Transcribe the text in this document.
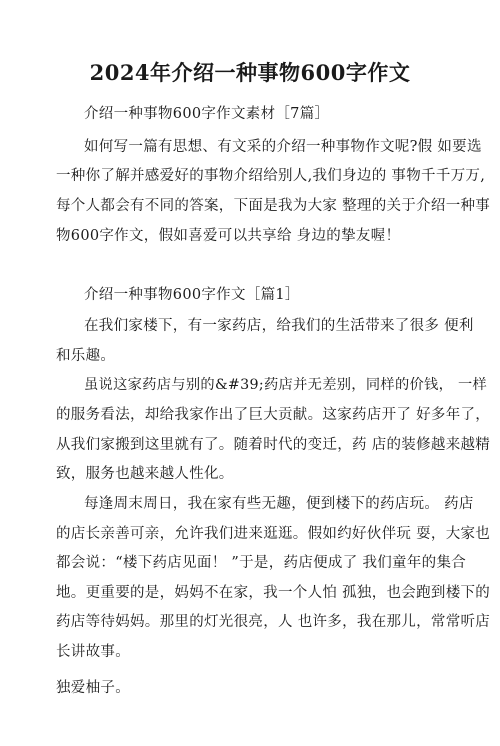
2024年介绍一种事物600字作文
介绍一种事物600字作文素材［7篇］
如何写一篇有思想、有文采的介绍一种事物作文呢?假 如要选
一种你了解并感爱好的事物介绍给别人,我们身边的 事物千千万万,
每个人都会有不同的答案，下面是我为大家 整理的关于介绍一种事
物600字作文，假如喜爱可以共享给 身边的挚友喔！
介绍一种事物600字作文［篇1］
在我们家楼下，有一家药店，给我们的生活带来了很多 便利
和乐趣。
虽说这家药店与别的&#39;药店并无差别，同样的价钱， 一样
的服务看法，却给我家作出了巨大贡献。这家药店开了 好多年了，
从我们家搬到这里就有了。随着时代的变迁，药 店的装修越来越精
致，服务也越来越人性化。
每逢周末周日，我在家有些无趣，便到楼下的药店玩。 药店
的店长亲善可亲，允许我们进来逛逛。假如约好伙伴玩 耍，大家也
都会说：“楼下药店见面！ ”于是，药店便成了 我们童年的集合
地。更重要的是，妈妈不在家，我一个人怕 孤独，也会跑到楼下的
药店等待妈妈。那里的灯光很亮，人 也许多，我在那儿，常常听店
长讲故事。
独爱柚子。
